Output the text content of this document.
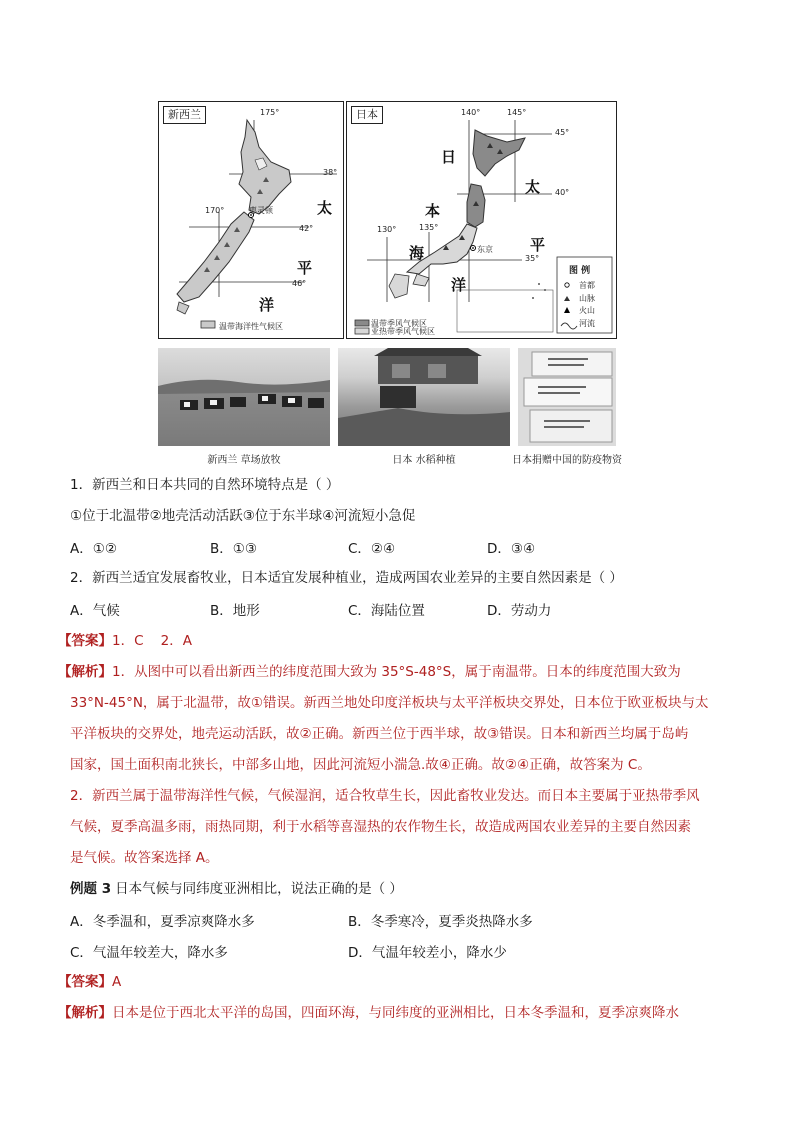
新西兰	175°
170°
38°
42°
46°
惠灵顿	太
平
洋
温带海洋性气候区
日本	140°	145°
130°	135°
45°
40°
35°
东京
日
本
海
太
平
洋
温带季风气候区
亚热带季风气候区
图 例
首都
山脉
火山
河流
新西兰 草场放牧	日本 水稻种植	日本捐赠中国的防疫物资
1．新西兰和日本共同的自然环境特点是（ ）
①位于北温带②地壳活动活跃③位于东半球④河流短小急促
A．①②	B．①③	C．②④	D．③④
2．新西兰适宜发展畜牧业，日本适宜发展种植业，造成两国农业差异的主要自然因素是（ ）
A．气候	B．地形	C．海陆位置	D．劳动力
【答案】1．C    2．A
【解析】1．从图中可以看出新西兰的纬度范围大致为 35°S-48°S，属于南温带。日本的纬度范围大致为
33°N-45°N，属于北温带，故①错误。新西兰地处印度洋板块与太平洋板块交界处，日本位于欧亚板块与太
平洋板块的交界处，地壳运动活跃，故②正确。新西兰位于西半球，故③错误。日本和新西兰均属于岛屿
国家，国土面积南北狭长，中部多山地，因此河流短小湍急.故④正确。故②④正确，故答案为 C。
2．新西兰属于温带海洋性气候，气候湿润，适合牧草生长，因此畜牧业发达。而日本主要属于亚热带季风
气候，夏季高温多雨，雨热同期，利于水稻等喜湿热的农作物生长，故造成两国农业差异的主要自然因素
是气候。故答案选择 A。
例题 3 日本气候与同纬度亚洲相比，说法正确的是（ ）
A．冬季温和，夏季凉爽降水多	B．冬季寒冷，夏季炎热降水多
C．气温年较差大，降水多	D．气温年较差小，降水少
【答案】A
【解析】日本是位于西北太平洋的岛国，四面环海，与同纬度的亚洲相比，日本冬季温和，夏季凉爽降水
